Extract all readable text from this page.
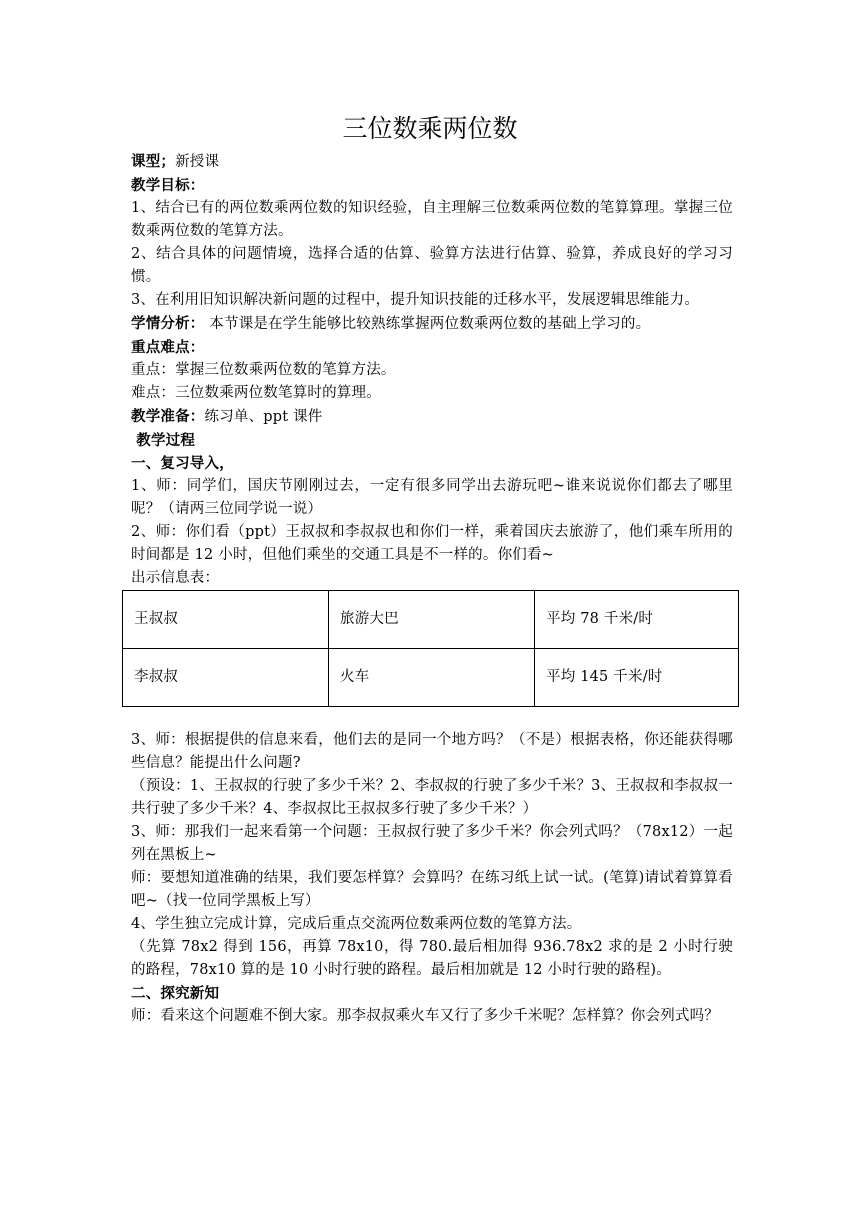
三位数乘两位数

课型；新授课

教学目标：

1、结合已有的两位数乘两位数的知识经验，自主理解三位数乘两位数的笔算算理。掌握三位数乘两位数的笔算方法。

2、结合具体的问题情境，选择合适的估算、验算方法进行估算、验算，养成良好的学习习惯。

3、在利用旧知识解决新问题的过程中，提升知识技能的迁移水平，发展逻辑思维能力。

学情分析： 本节课是在学生能够比较熟练掌握两位数乘两位数的基础上学习的。

重点难点：

重点：掌握三位数乘两位数的笔算方法。

难点：三位数乘两位数笔算时的算理。

教学准备：练习单、ppt 课件

教学过程

一、复习导入，

1、师：同学们，国庆节刚刚过去，一定有很多同学出去游玩吧~谁来说说你们都去了哪里呢？（请两三位同学说一说）

2、师：你们看（ppt）王叔叔和李叔叔也和你们一样，乘着国庆去旅游了，他们乘车所用的时间都是 12 小时，但他们乘坐的交通工具是不一样的。你们看~

出示信息表：

王叔叔	旅游大巴	平均 78 千米/时
李叔叔	火车	平均 145 千米/时

3、师：根据提供的信息来看，他们去的是同一个地方吗？（不是）根据表格，你还能获得哪些信息？能提出什么问题?

（预设：1、王叔叔的行驶了多少千米？2、李叔叔的行驶了多少千米？3、王叔叔和李叔叔一共行驶了多少千米？4、李叔叔比王叔叔多行驶了多少千米？）

3、师：那我们一起来看第一个问题：王叔叔行驶了多少千米？你会列式吗？（78x12）一起列在黑板上~

师：要想知道准确的结果，我们要怎样算？会算吗？在练习纸上试一试。(笔算)请试着算算看吧~（找一位同学黑板上写）

4、学生独立完成计算，完成后重点交流两位数乘两位数的笔算方法。

（先算 78x2 得到 156，再算 78x10，得 780.最后相加得 936.78x2 求的是 2 小时行驶的路程，78x10 算的是 10 小时行驶的路程。最后相加就是 12 小时行驶的路程)。

二、探究新知

师：看来这个问题难不倒大家。那李叔叔乘火车又行了多少千米呢？怎样算？你会列式吗？
